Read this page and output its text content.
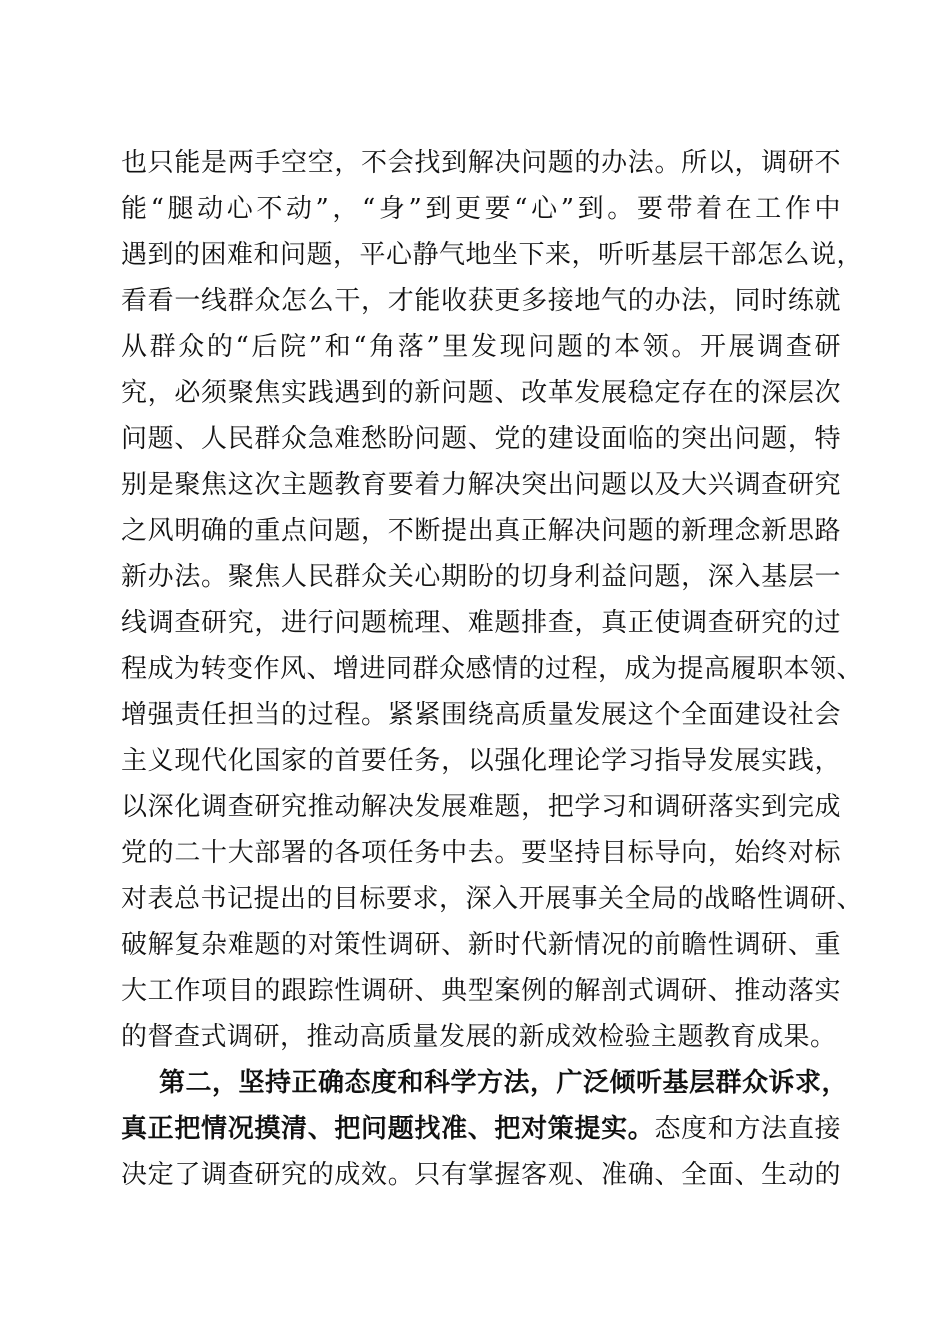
也只能是两手空空，不会找到解决问题的办法。所以，调研不
能“腿动心不动”，“身”到更要“心”到。要带着在工作中
遇到的困难和问题，平心静气地坐下来，听听基层干部怎么说，
看看一线群众怎么干，才能收获更多接地气的办法，同时练就
从群众的“后院”和“角落”里发现问题的本领。开展调查研
究，必须聚焦实践遇到的新问题、改革发展稳定存在的深层次
问题、人民群众急难愁盼问题、党的建设面临的突出问题，特
别是聚焦这次主题教育要着力解决突出问题以及大兴调查研究
之风明确的重点问题，不断提出真正解决问题的新理念新思路
新办法。聚焦人民群众关心期盼的切身利益问题，深入基层一
线调查研究，进行问题梳理、难题排查，真正使调查研究的过
程成为转变作风、增进同群众感情的过程，成为提高履职本领、
增强责任担当的过程。紧紧围绕高质量发展这个全面建设社会
主义现代化国家的首要任务，以强化理论学习指导发展实践，
以深化调查研究推动解决发展难题，把学习和调研落实到完成
党的二十大部署的各项任务中去。要坚持目标导向，始终对标
对表总书记提出的目标要求，深入开展事关全局的战略性调研、
破解复杂难题的对策性调研、新时代新情况的前瞻性调研、重
大工作项目的跟踪性调研、典型案例的解剖式调研、推动落实
的督查式调研，推动高质量发展的新成效检验主题教育成果。
第二，坚持正确态度和科学方法，广泛倾听基层群众诉求，
真正把情况摸清、把问题找准、把对策提实。态度和方法直接
决定了调查研究的成效。只有掌握客观、准确、全面、生动的
